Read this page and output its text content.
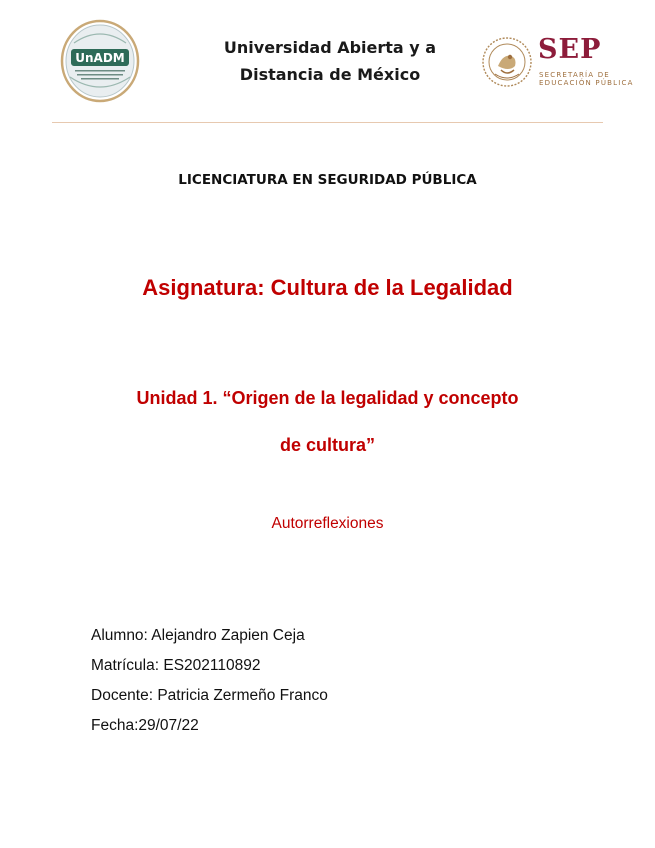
UnADM
Universidad Abierta y a
Distancia de México
SEP
SECRETARÍA DE
EDUCACIÓN PÚBLICA
LICENCIATURA EN SEGURIDAD PÚBLICA
Asignatura: Cultura de la Legalidad
Unidad 1. “Origen de la legalidad y concepto
de cultura”
Autorreflexiones
Alumno: Alejandro Zapien Ceja
Matrícula: ES202110892
Docente: Patricia Zermeño Franco
Fecha:29/07/22
